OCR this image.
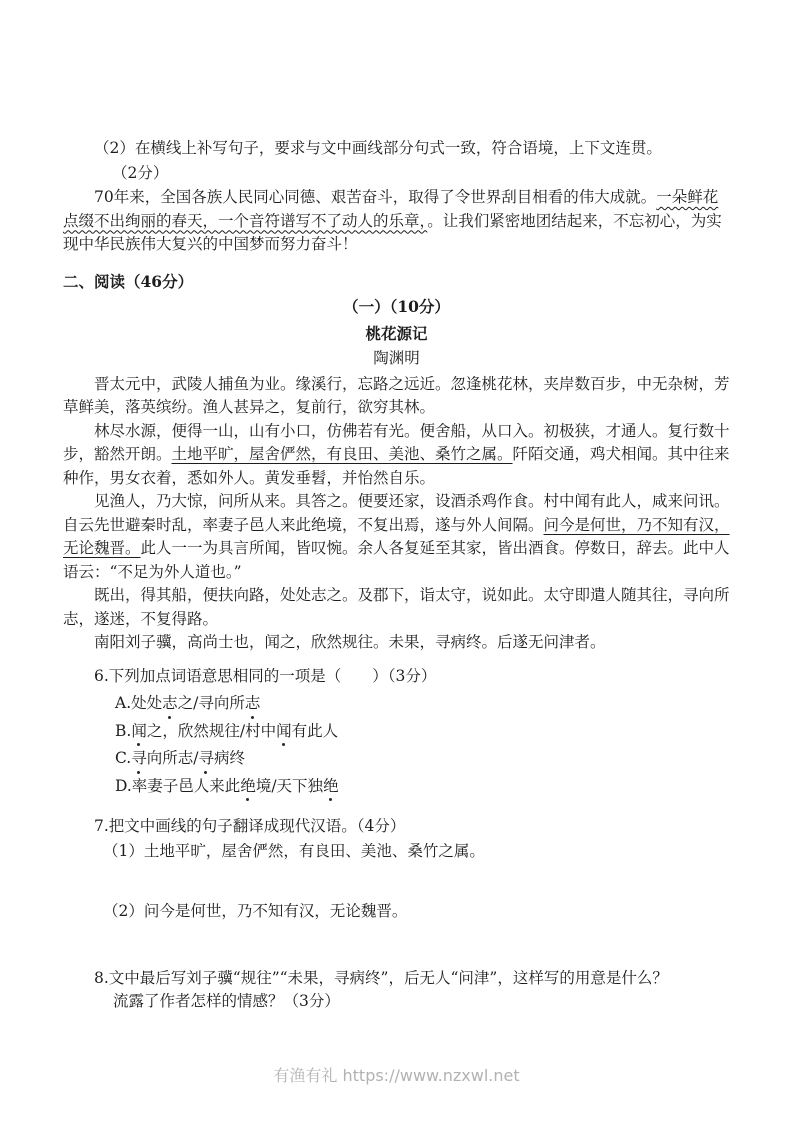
（2）在横线上补写句子，要求与文中画线部分句式一致，符合语境，上下文连贯。
（2分）

70年来，全国各族人民同心同德、艰苦奋斗，取得了令世界刮目相看的伟大成就。一朵鲜花点缀不出绚丽的春天，一个音符谱写不了动人的乐章，。让我们紧密地团结起来，不忘初心，为实现中华民族伟大复兴的中国梦而努力奋斗！

二、阅读（46分）
（一）（10分）
桃花源记
陶渊明

晋太元中，武陵人捕鱼为业。缘溪行，忘路之远近。忽逢桃花林，夹岸数百步，中无杂树，芳草鲜美，落英缤纷。渔人甚异之，复前行，欲穷其林。

林尽水源，便得一山，山有小口，仿佛若有光。便舍船，从口入。初极狭，才通人。复行数十步，豁然开朗。土地平旷，屋舍俨然，有良田、美池、桑竹之属。阡陌交通，鸡犬相闻。其中往来种作，男女衣着，悉如外人。黄发垂髫，并怡然自乐。

见渔人，乃大惊，问所从来。具答之。便要还家，设酒杀鸡作食。村中闻有此人，咸来问讯。自云先世避秦时乱，率妻子邑人来此绝境，不复出焉，遂与外人间隔。问今是何世，乃不知有汉，无论魏晋。此人一一为具言所闻，皆叹惋。余人各复延至其家，皆出酒食。停数日，辞去。此中人语云：“不足为外人道也。”

既出，得其船，便扶向路，处处志之。及郡下，诣太守，说如此。太守即遣人随其往，寻向所志，遂迷，不复得路。

南阳刘子骥，高尚士也，闻之，欣然规往。未果，寻病终。后遂无问津者。

6.下列加点词语意思相同的一项是（　　）（3分）

A.处处志之/寻向所志

B.闻之，欣然规往/村中闻有此人

C.寻向所志/寻病终

D.率妻子邑人来此绝境/天下独绝

7.把文中画线的句子翻译成现代汉语。（4分）
（1）土地平旷，屋舍俨然，有良田、美池、桑竹之属。
（2）问今是何世，乃不知有汉，无论魏晋。
8.文中最后写刘子骥“规往”“未果，寻病终”，后无人“问津”，这样写的用意是什么？
流露了作者怎样的情感？（3分）
有渔有礼 https://www.nzxwl.net
